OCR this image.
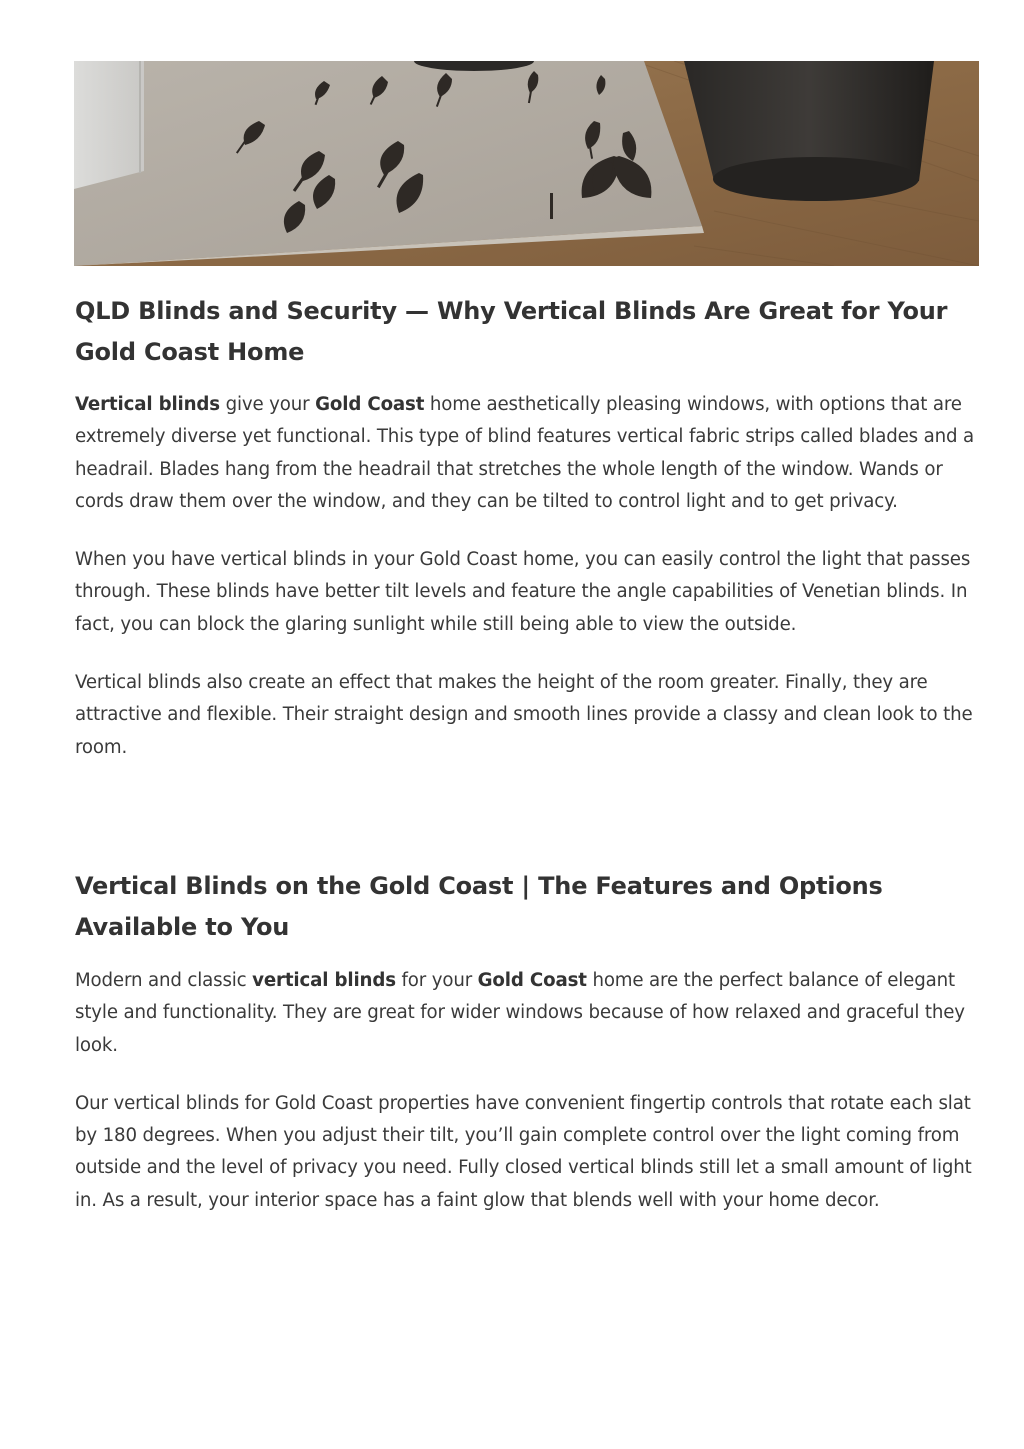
QLD Blinds and Security — Why Vertical Blinds Are Great for Your Gold Coast Home

Vertical blinds give your Gold Coast home aesthetically pleasing windows, with options that are extremely diverse yet functional. This type of blind features vertical fabric strips called blades and a headrail. Blades hang from the headrail that stretches the whole length of the window. Wands or cords draw them over the window, and they can be tilted to control light and to get privacy.

When you have vertical blinds in your Gold Coast home, you can easily control the light that passes through. These blinds have better tilt levels and feature the angle capabilities of Venetian blinds. In fact, you can block the glaring sunlight while still being able to view the outside.

Vertical blinds also create an effect that makes the height of the room greater. Finally, they are attractive and flexible. Their straight design and smooth lines provide a classy and clean look to the room.

Vertical Blinds on the Gold Coast | The Features and Options Available to You

Modern and classic vertical blinds for your Gold Coast home are the perfect balance of elegant style and functionality. They are great for wider windows because of how relaxed and graceful they look.

Our vertical blinds for Gold Coast properties have convenient fingertip controls that rotate each slat by 180 degrees. When you adjust their tilt, you’ll gain complete control over the light coming from outside and the level of privacy you need. Fully closed vertical blinds still let a small amount of light in. As a result, your interior space has a faint glow that blends well with your home decor.
